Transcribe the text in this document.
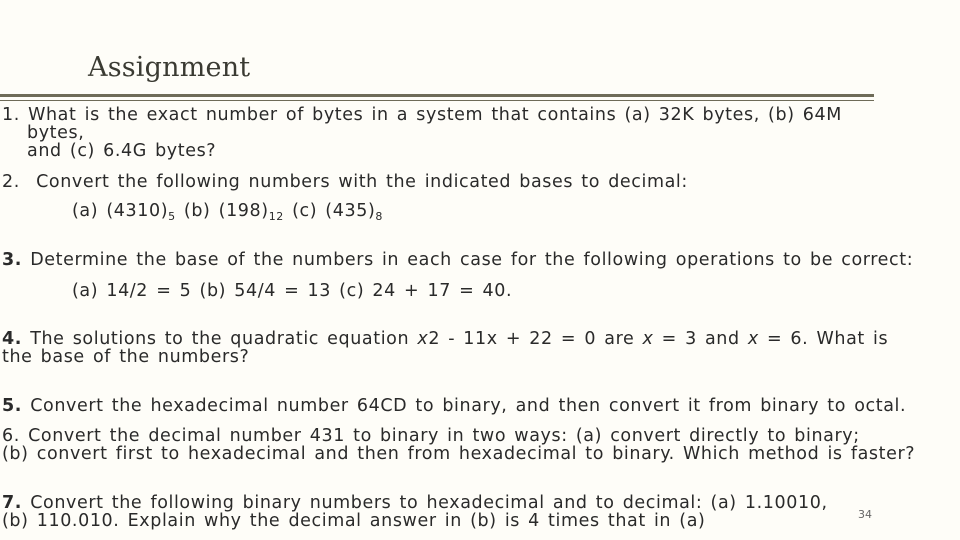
Assignment
1. What is the exact number of bytes in a system that contains (a) 32K bytes, (b) 64M
bytes,
and (c) 6.4G bytes?
2. Convert the following numbers with the indicated bases to decimal:
(a) $(4310)_5$ (b) $(198)_{12}$ (c) $(435)_8$
3. Determine the base of the numbers in each case for the following operations to be correct:
(a) 14/2 = 5 (b) 54/4 = 13 (c) 24 + 17 = 40.
4. The solutions to the quadratic equation x2 - 11x + 22 = 0 are x = 3 and x = 6. What is
the base of the numbers?
5. Convert the hexadecimal number 64CD to binary, and then convert it from binary to octal.
6. Convert the decimal number 431 to binary in two ways: (a) convert directly to binary;
(b) convert first to hexadecimal and then from hexadecimal to binary. Which method is faster?
7. Convert the following binary numbers to hexadecimal and to decimal: (a) 1.10010,
(b) 110.010. Explain why the decimal answer in (b) is 4 times that in (a)	34
